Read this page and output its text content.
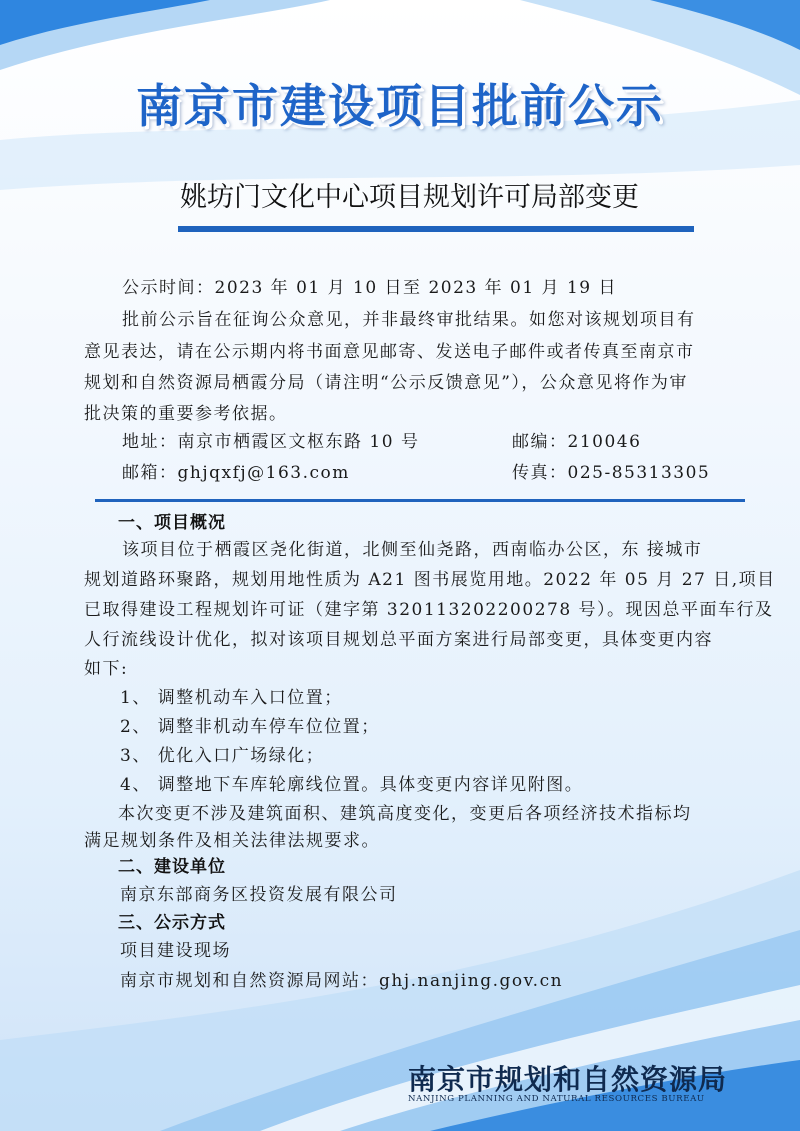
南京市建设项目批前公示
姚坊门文化中心项目规划许可局部变更
公示时间：2023 年 01 月 10 日至 2023 年 01 月 19 日
批前公示旨在征询公众意见，并非最终审批结果。如您对该规划项目有
意见表达，请在公示期内将书面意见邮寄、发送电子邮件或者传真至南京市
规划和自然资源局栖霞分局（请注明“公示反馈意见”），公众意见将作为审
批决策的重要参考依据。
地址：南京市栖霞区文枢东路 10 号	邮编：210046
邮箱：ghjqxfj@163.com	传真：025-85313305
一、项目概况
该项目位于栖霞区尧化街道，北侧至仙尧路，西南临办公区，东 接城市
规划道路环聚路，规划用地性质为 A21 图书展览用地。2022 年 05 月 27 日,项目
已取得建设工程规划许可证（建字第 320113202200278 号）。现因总平面车行及
人行流线设计优化，拟对该项目规划总平面方案进行局部变更，具体变更内容
如下:
1、 调整机动车入口位置；
2、 调整非机动车停车位位置；
3、 优化入口广场绿化；
4、 调整地下车库轮廓线位置。具体变更内容详见附图。
本次变更不涉及建筑面积、建筑高度变化，变更后各项经济技术指标均
满足规划条件及相关法律法规要求。
二、建设单位
南京东部商务区投资发展有限公司
三、公示方式
项目建设现场
南京市规划和自然资源局网站：ghj.nanjing.gov.cn
南京市规划和自然资源局
NANJING PLANNING AND NATURAL RESOURCES BUREAU
